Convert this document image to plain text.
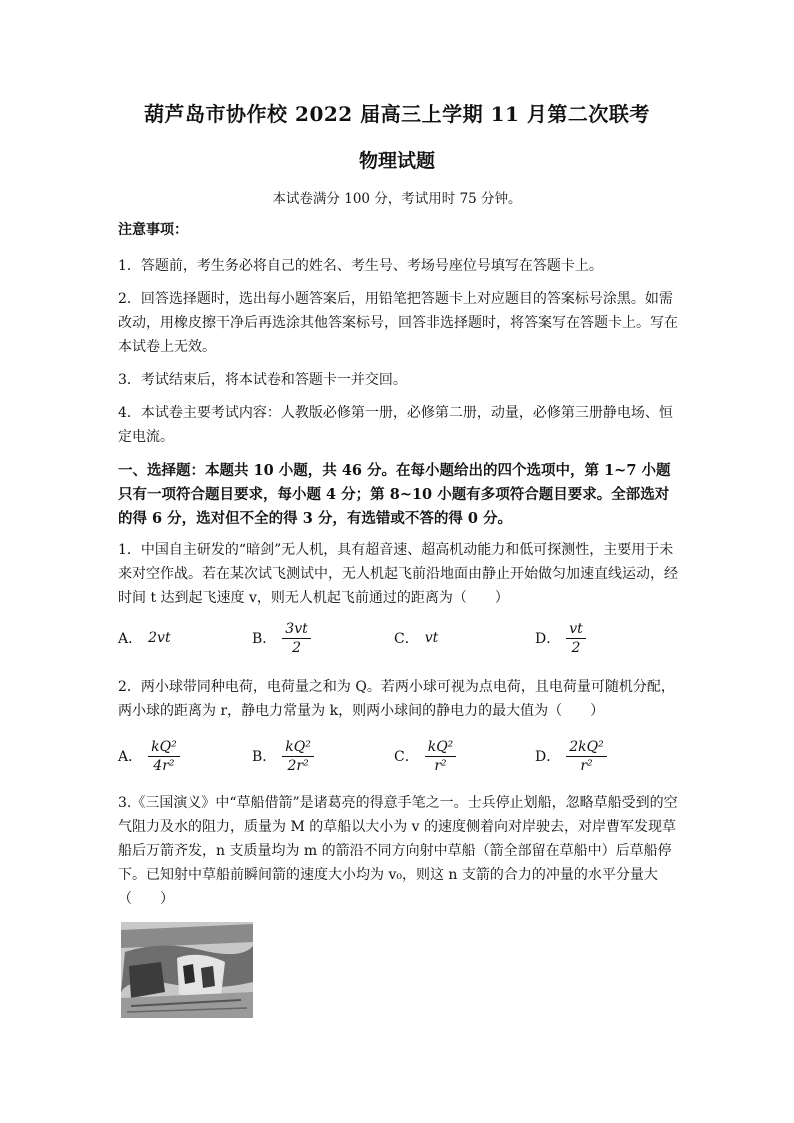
葫芦岛市协作校 2022 届高三上学期 11 月第二次联考
物理试题
本试卷满分 100 分，考试用时 75 分钟。
注意事项：
1．答题前，考生务必将自己的姓名、考生号、考场号座位号填写在答题卡上。
2．回答选择题时，选出每小题答案后，用铅笔把答题卡上对应题目的答案标号涂黑。如需改动，用橡皮擦干净后再选涂其他答案标号，回答非选择题时，将答案写在答题卡上。写在本试卷上无效。
3．考试结束后，将本试卷和答题卡一并交回。
4．本试卷主要考试内容：人教版必修第一册，必修第二册，动量，必修第三册静电场、恒定电流。
一、选择题：本题共 10 小题，共 46 分。在每小题给出的四个选项中，第 1~7 小题只有一项符合题目要求，每小题 4 分；第 8~10 小题有多项符合题目要求。全部选对的得 6 分，选对但不全的得 3 分，有选错或不答的得 0 分。
1．中国自主研发的“暗剑”无人机，具有超音速、超高机动能力和低可探测性，主要用于未来对空作战。若在某次试飞测试中，无人机起飞前沿地面由静止开始做匀加速直线运动，经时间 t 达到起飞速度 v，则无人机起飞前通过的距离为（　　）
A． 2vt	B． $\frac{3vt}{2}$	C． vt	D． $\frac{vt}{2}$
2．两小球带同种电荷，电荷量之和为 Q。若两小球可视为点电荷，且电荷量可随机分配，两小球的距离为 r，静电力常量为 k，则两小球间的静电力的最大值为（　　）
A． $\frac{\text{kQ²}}{\text{4r²}}$	B． $\frac{\text{kQ²}}{\text{2r²}}$	C． $\frac{\text{kQ²}}{\text{r²}}$	D． $\frac{\text{2kQ²}}{\text{r²}}$
3.《三国演义》中“草船借箭”是诸葛亮的得意手笔之一。士兵停止划船，忽略草船受到的空气阻力及水的阻力，质量为 M 的草船以大小为 v 的速度侧着向对岸驶去，对岸曹军发现草船后万箭齐发，n 支质量均为 m 的箭沿不同方向射中草船（箭全部留在草船中）后草船停下。已知射中草船前瞬间箭的速度大小均为 v₀，则这 n 支箭的合力的冲量的水平分量大（　　）
